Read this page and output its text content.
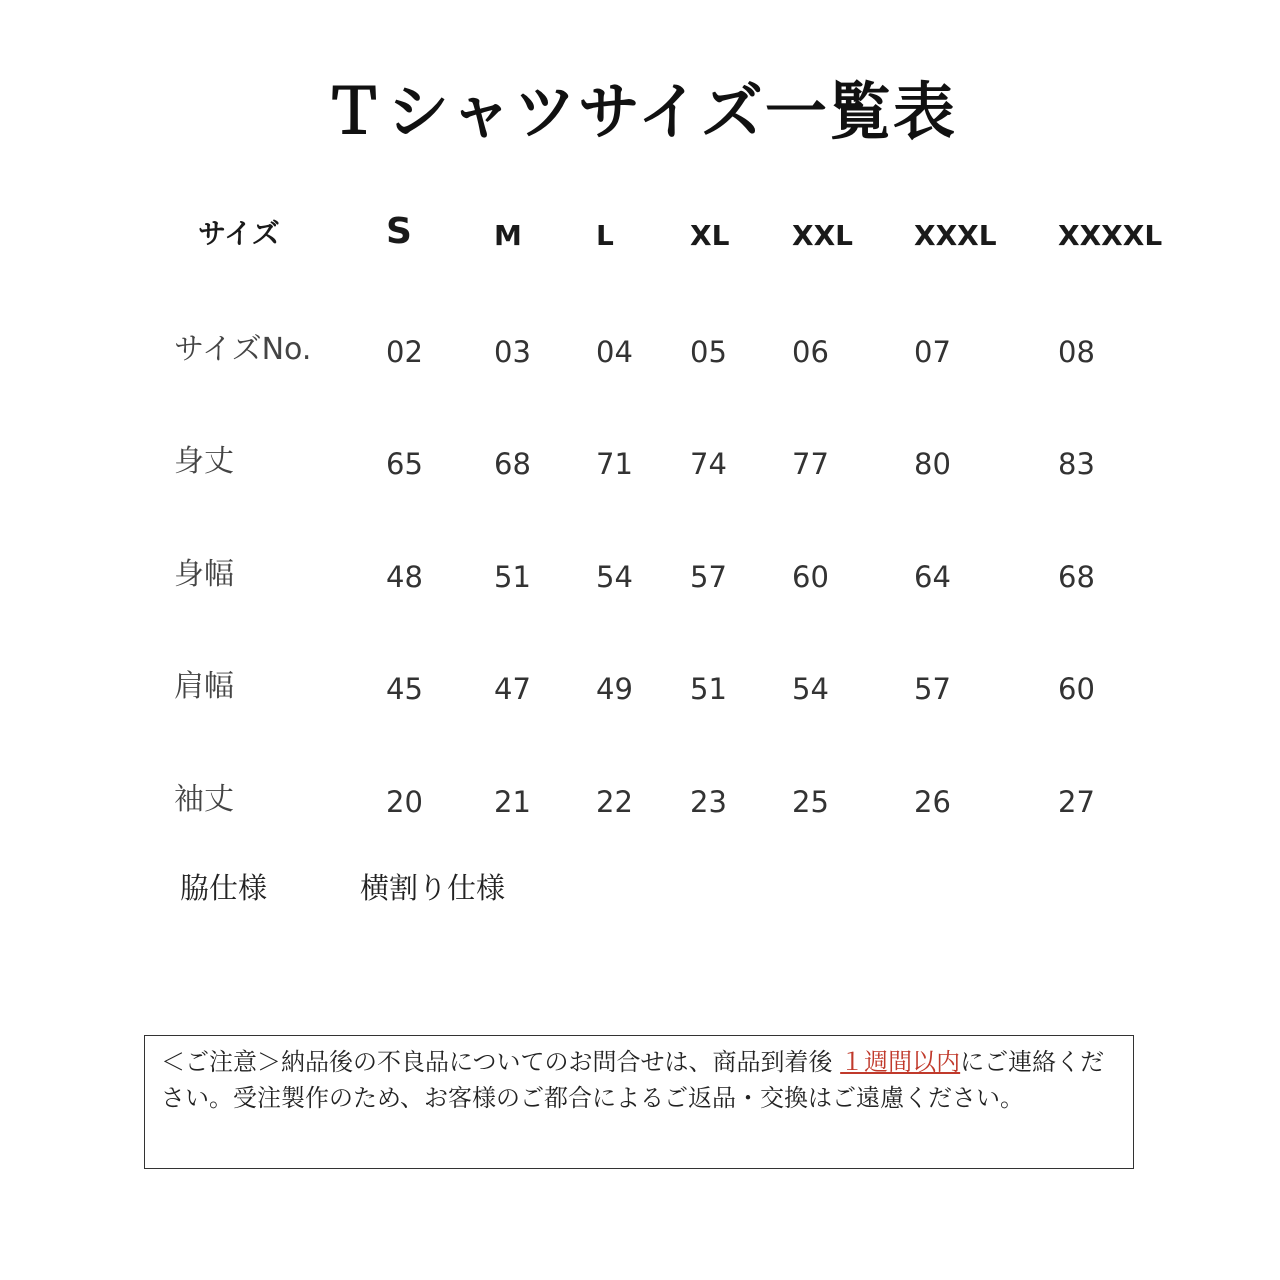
Ｔシャツサイズ一覧表
サイズ	S	M	L	XL XXL XXXL XXXXL
サイズNo.	02 03 04 05 06	07	08
身丈	65 68 71 74 77	80	83
身幅	48 51 54 57 60	64	68
肩幅	45 47 49 51 54	57	60
袖丈	20 21 22 23 25	26	27
脇仕様	横割り仕様
＜ご注意＞納品後の不良品についてのお問合せは、商品到着後 １週間以内にご連絡ください。受注製作のため、お客様のご都合によるご返品・交換はご遠慮ください。
